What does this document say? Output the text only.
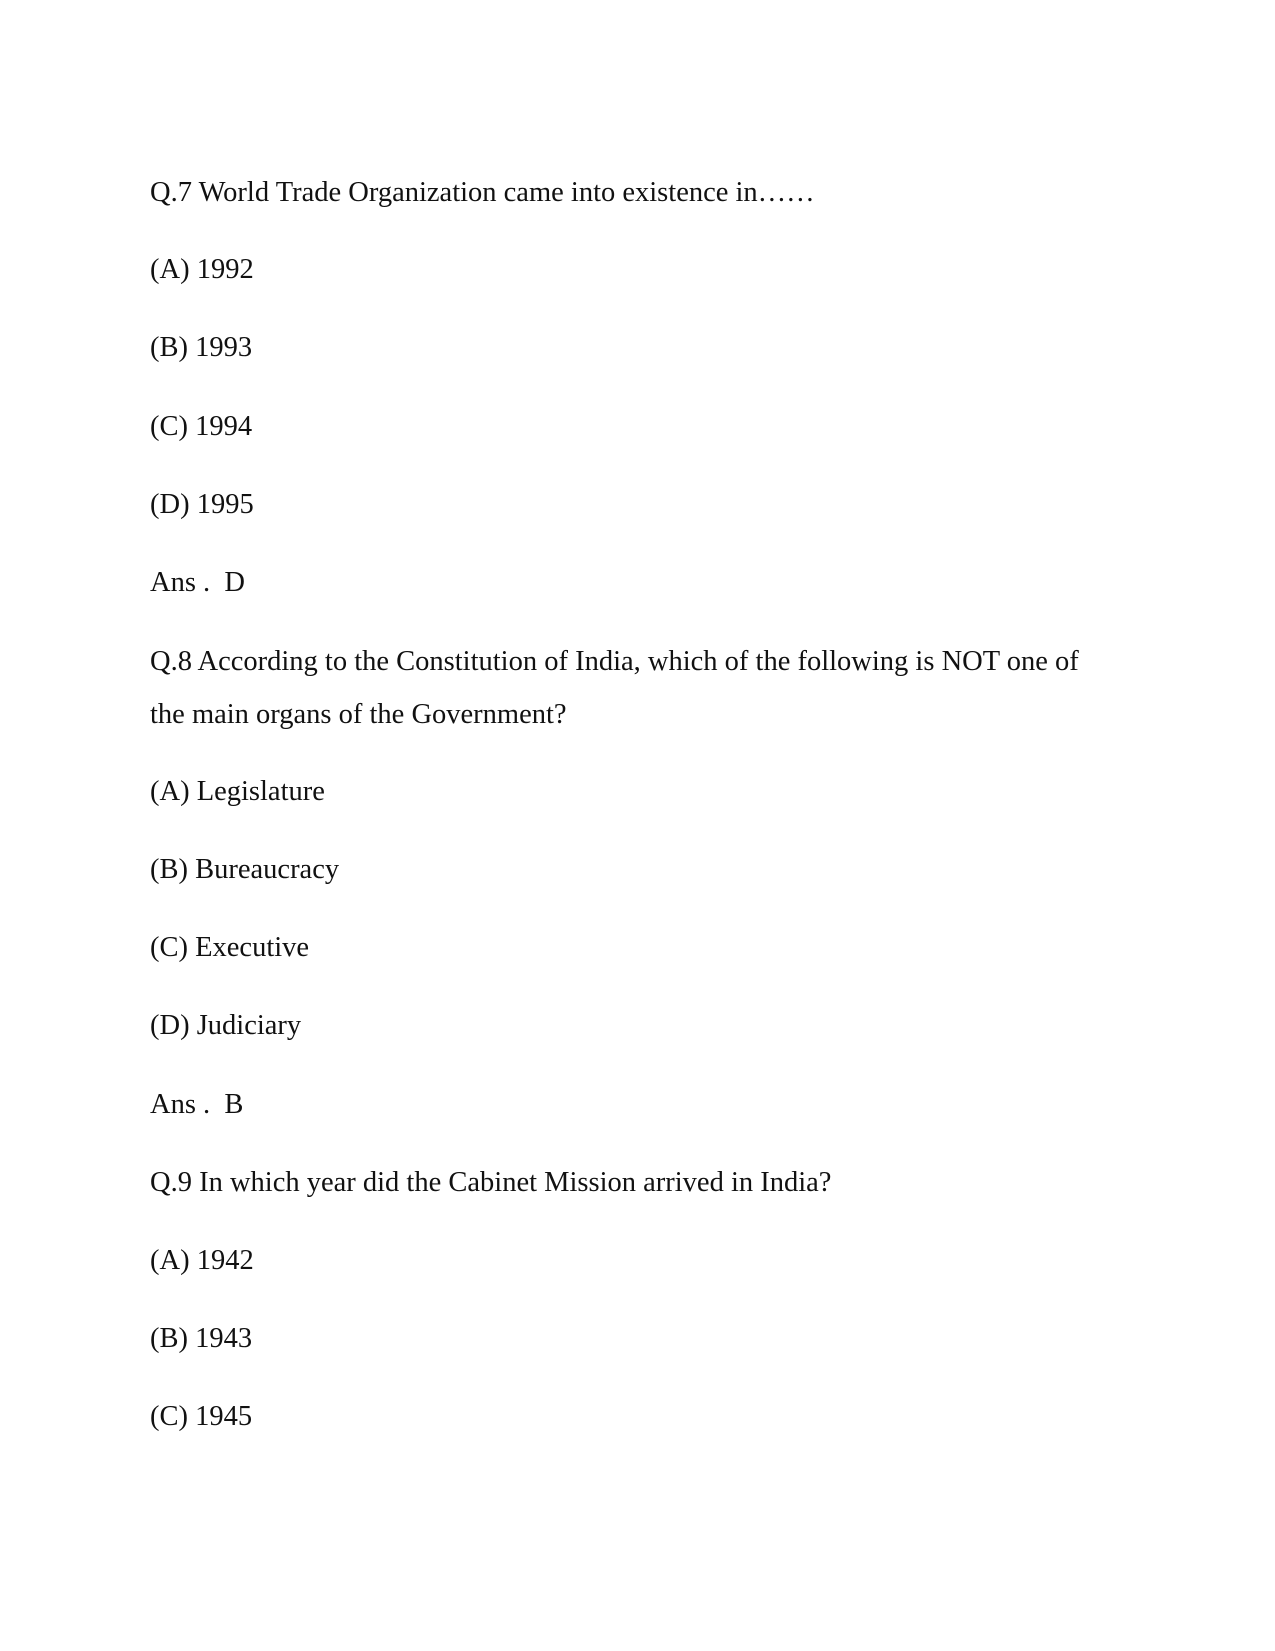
Q.7 World Trade Organization came into existence in……
(A) 1992
(B) 1993
(C) 1994
(D) 1995
Ans .  D
Q.8 According to the Constitution of India, which of the following is NOT one of
the main organs of the Government?
(A) Legislature
(B) Bureaucracy
(C) Executive
(D) Judiciary
Ans .  B
Q.9 In which year did the Cabinet Mission arrived in India?
(A) 1942
(B) 1943
(C) 1945
